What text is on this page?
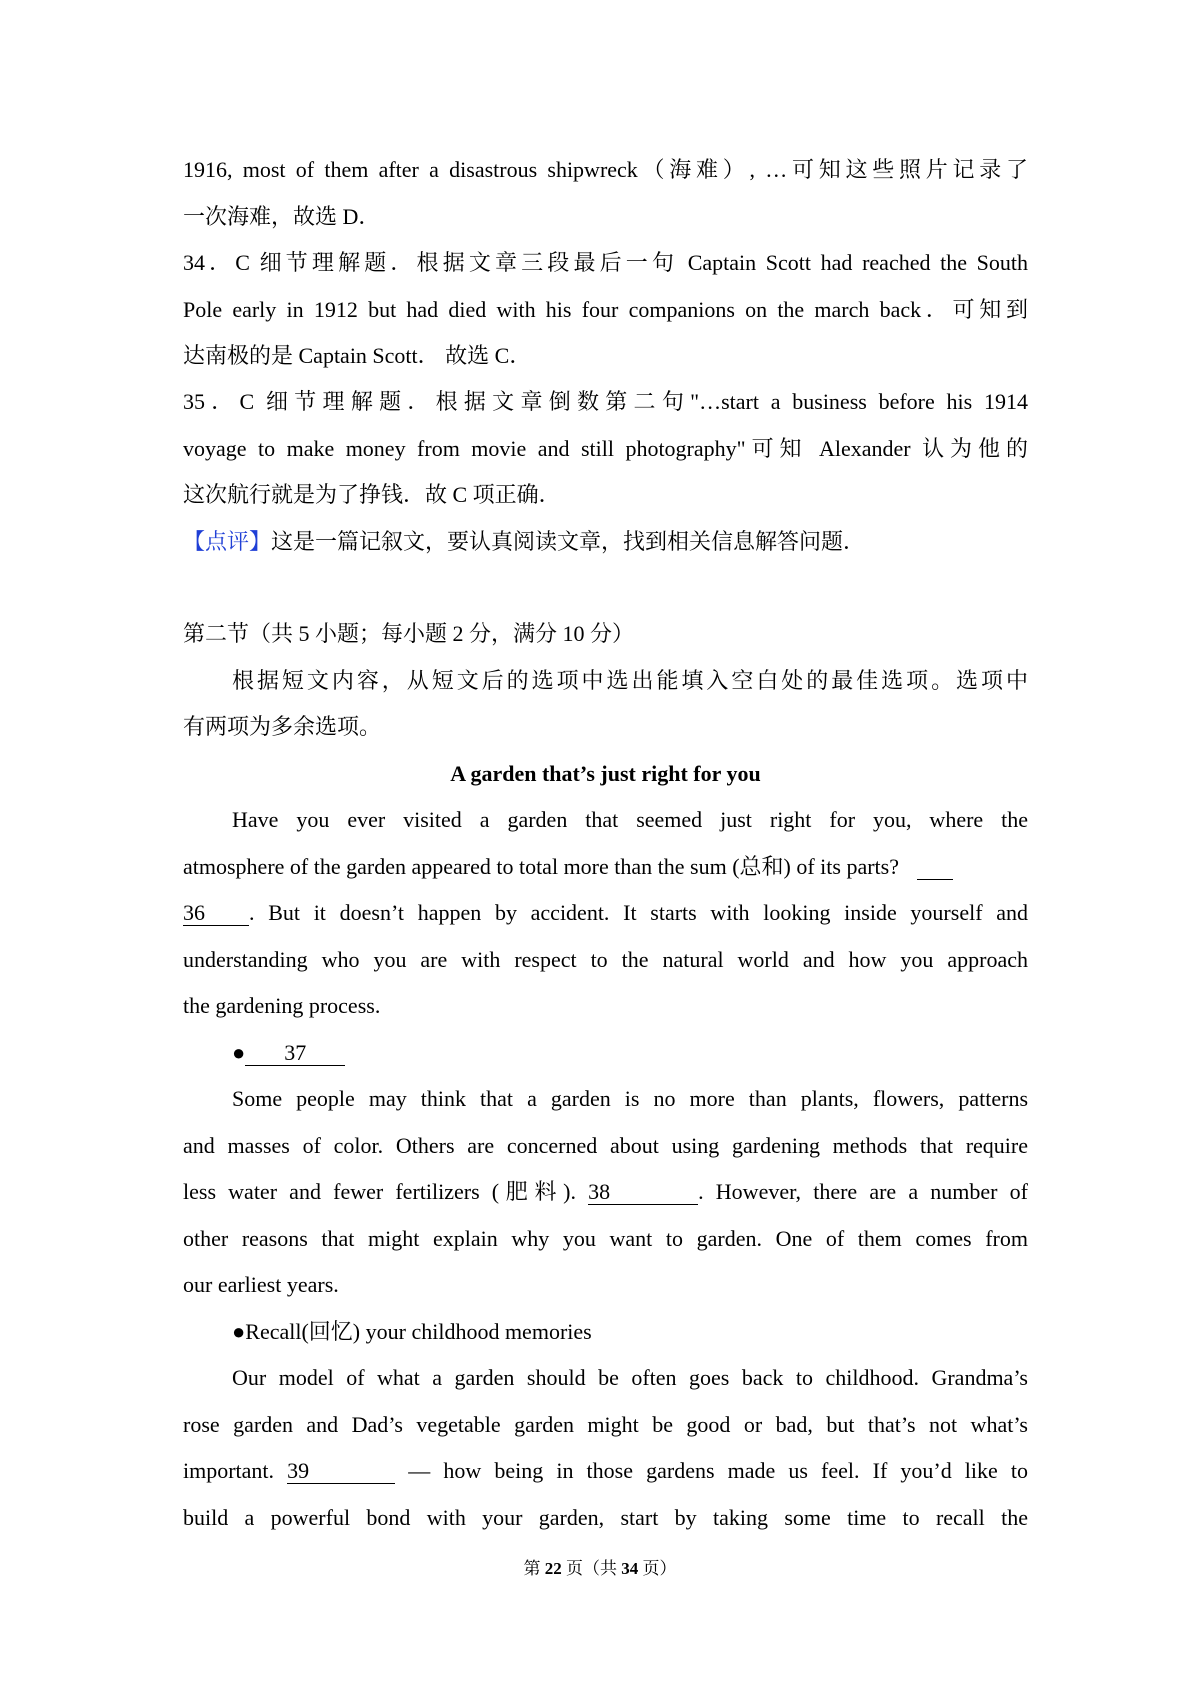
1916, most of them after a disastrous shipwreck（海难）, …可知这些照片记录了
一次海难，故选 D．
34．C 细节理解题．根据文章三段最后一句 Captain Scott had reached the South
Pole early in 1912 but had died with his four companions on the march back．可知到
达南极的是 Captain Scott． 故选 C．
35．C 细节理解题．根据文章倒数第二句"…start a business before his 1914
voyage to make money from movie and still photography"可知 Alexander 认为他的
这次航行就是为了挣钱．故 C 项正确．
【点评】这是一篇记叙文，要认真阅读文章，找到相关信息解答问题．
第二节（共 5 小题；每小题 2 分，满分 10 分）
根据短文内容，从短文后的选项中选出能填入空白处的最佳选项。选项中
有两项为多余选项。
A garden that’s just right for you
Have you ever visited a garden that seemed just right for you, where the
atmosphere of the garden appeared to total more than the sum (总和) of its parts?
36 . But it doesn’t happen by accident. It starts with looking inside yourself and
understanding who you are with respect to the natural world and how you approach
the gardening process.
● 37
Some people may think that a garden is no more than plants, flowers, patterns
and masses of color. Others are concerned about using gardening methods that require
less water and fewer fertilizers (肥料). 38	. However, there are a number of
other reasons that might explain why you want to garden. One of them comes from
our earliest years.
●Recall(回忆) your childhood memories
Our model of what a garden should be often goes back to childhood. Grandma’s
rose garden and Dad’s vegetable garden might be good or bad, but that’s not what’s
important. 39	— how being in those gardens made us feel. If you’d like to
build a powerful bond with your garden, start by taking some time to recall the
第 22 页（共 34 页）
